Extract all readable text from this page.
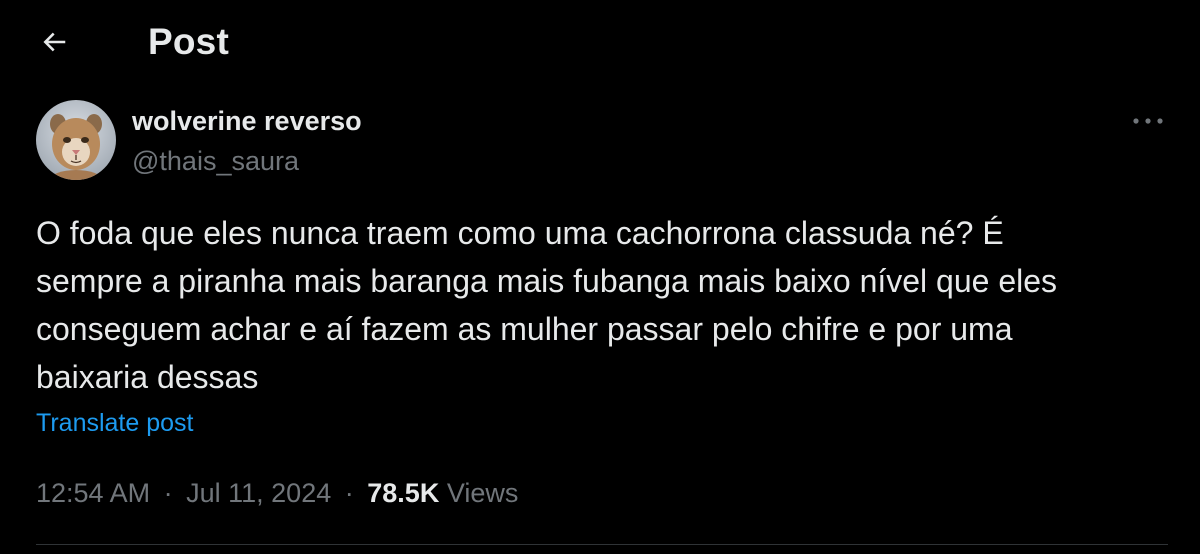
Post
wolverine reverso
@thais_saura
O foda que eles nunca traem como uma cachorrona classuda né? É
sempre a piranha mais baranga mais fubanga mais baixo nível que eles
conseguem achar e aí fazem as mulher passar pelo chifre e por uma
baixaria dessas
Translate post
12:54 AM · Jul 11, 2024 · 78.5K Views
